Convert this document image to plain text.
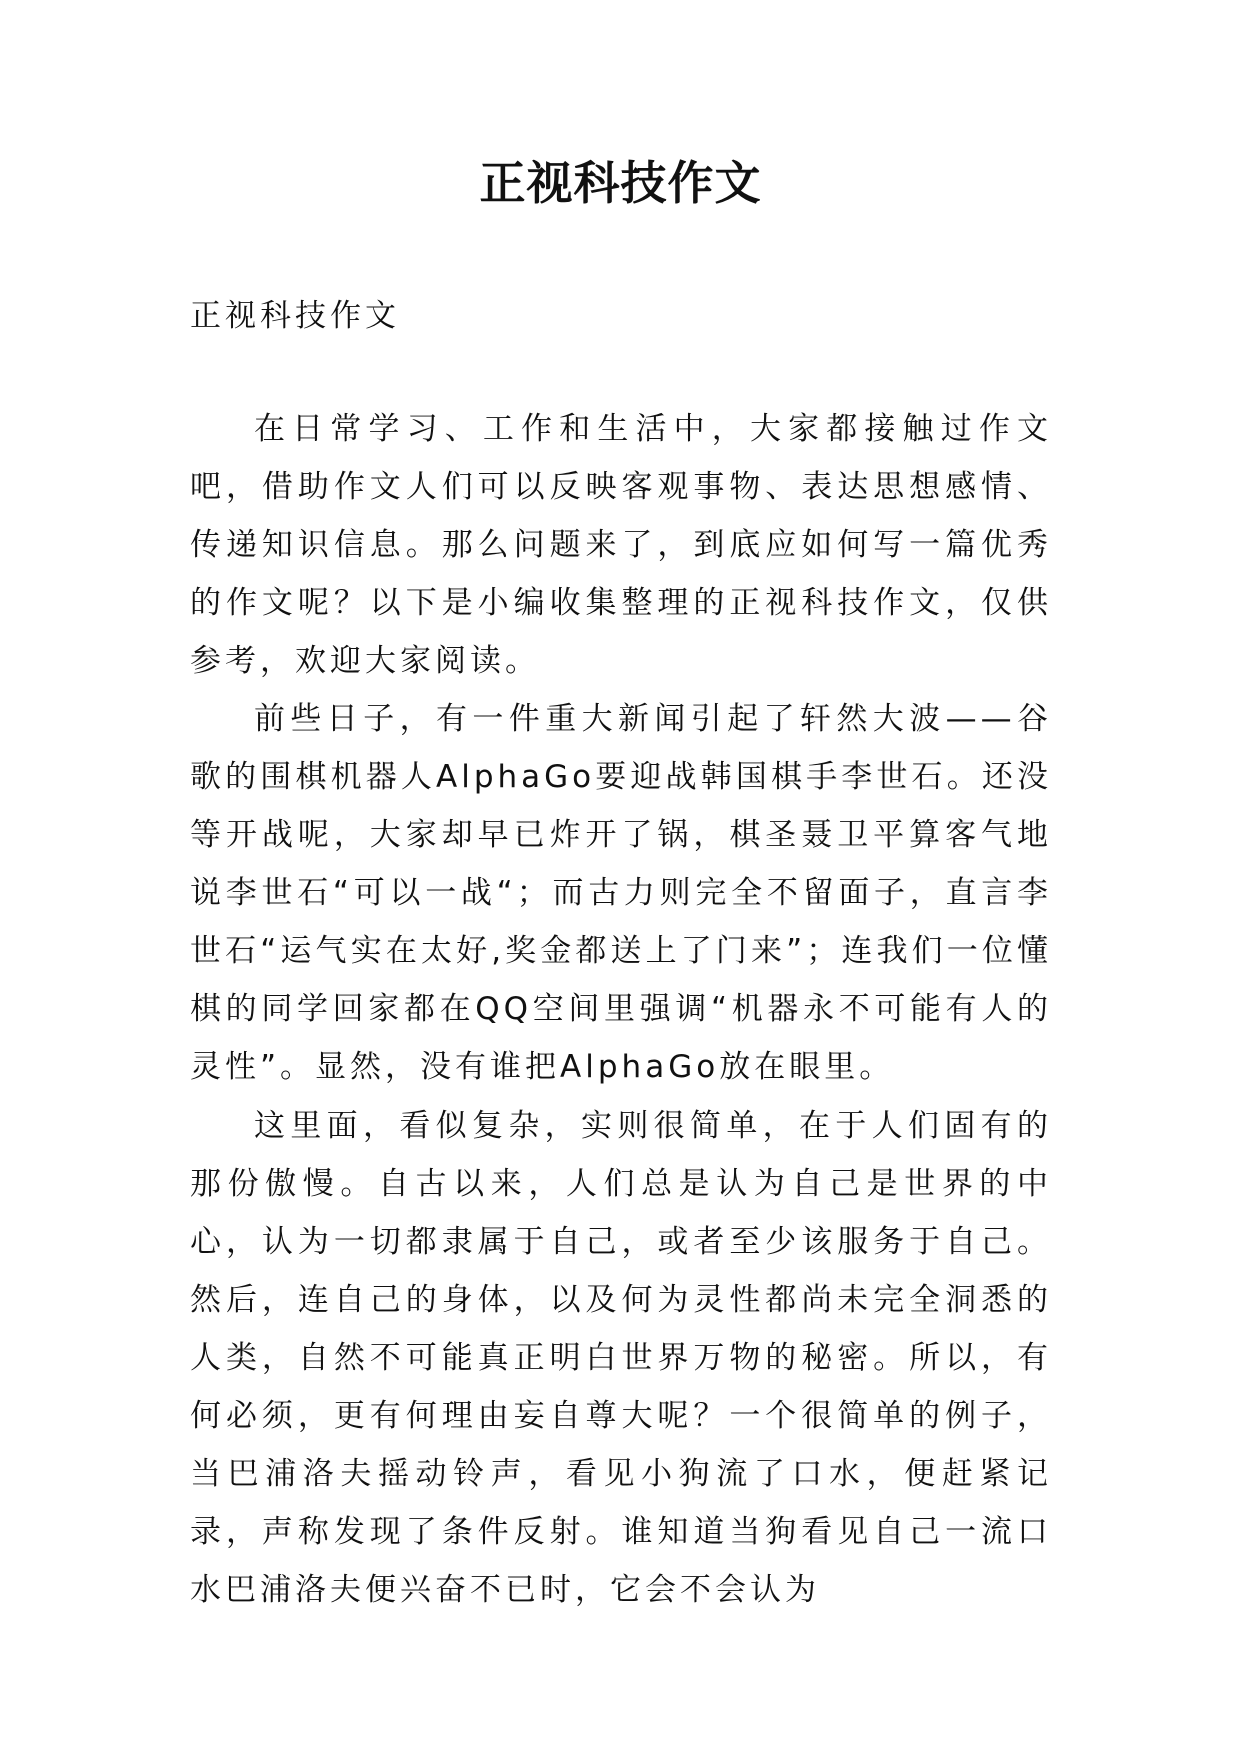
正视科技作文

正视科技作文

在日常学习、工作和生活中，大家都接触过作文吧，借助作文人们可以反映客观事物、表达思想感情、传递知识信息。那么问题来了，到底应如何写一篇优秀的作文呢？以下是小编收集整理的正视科技作文，仅供参考，欢迎大家阅读。

前些日子，有一件重大新闻引起了轩然大波——谷歌的围棋机器人AlphaGo要迎战韩国棋手李世石。还没等开战呢，大家却早已炸开了锅，棋圣聂卫平算客气地说李世石“可以一战“；而古力则完全不留面子，直言李世石“运气实在太好,奖金都送上了门来”；连我们一位懂棋的同学回家都在QQ空间里强调“机器永不可能有人的灵性”。显然，没有谁把AlphaGo放在眼里。

这里面，看似复杂，实则很简单，在于人们固有的那份傲慢。自古以来，人们总是认为自己是世界的中心，认为一切都隶属于自己，或者至少该服务于自己。然后，连自己的身体，以及何为灵性都尚未完全洞悉的人类，自然不可能真正明白世界万物的秘密。所以，有何必须，更有何理由妄自尊大呢？一个很简单的例子，当巴浦洛夫摇动铃声，看见小狗流了口水，便赶紧记录，声称发现了条件反射。谁知道当狗看见自己一流口水巴浦洛夫便兴奋不已时，它会不会认为
